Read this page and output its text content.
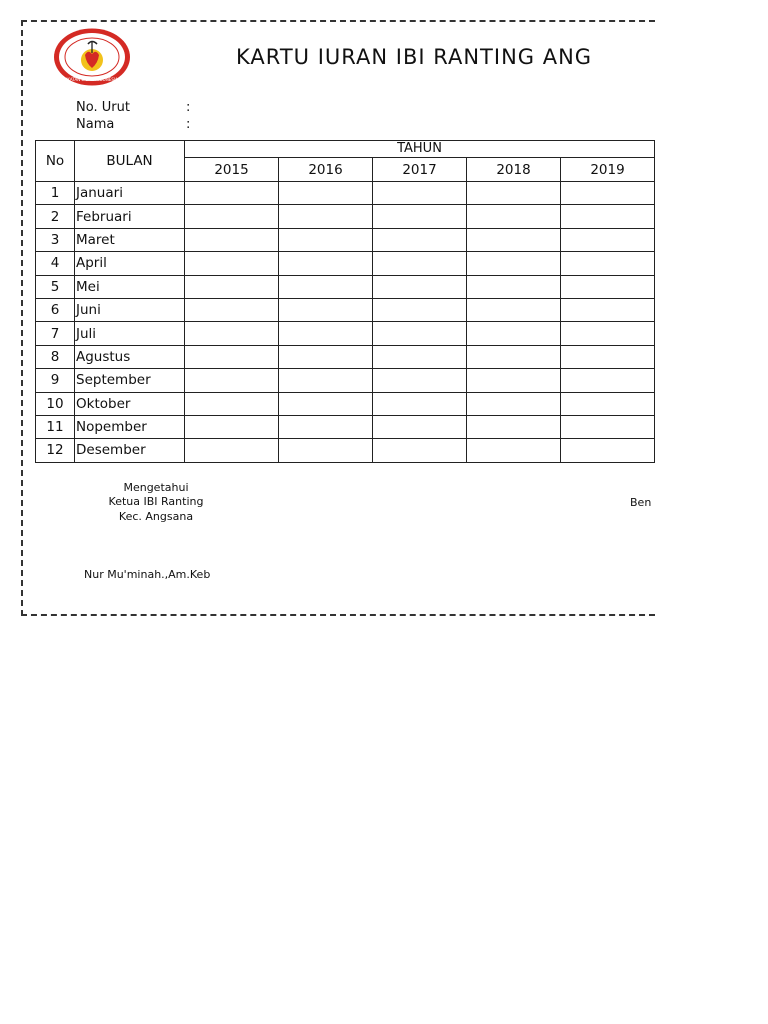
IKATAN BIDAN INDONESIA
KARTU IURAN IBI RANTING ANG
No. Urut	:
Nama	:
No	BULAN	TAHUN				
		2015	2016	2017	2018	2019
1	Januari					
2	Februari					
3	Maret					
4	April					
5	Mei					
6	Juni					
7	Juli					
8	Agustus					
9	September					
10	Oktober					
11	Nopember					
12	Desember					
Mengetahui
Ketua IBI Ranting
Kec. Angsana
Nur Mu'minah.,Am.Keb
Ben
